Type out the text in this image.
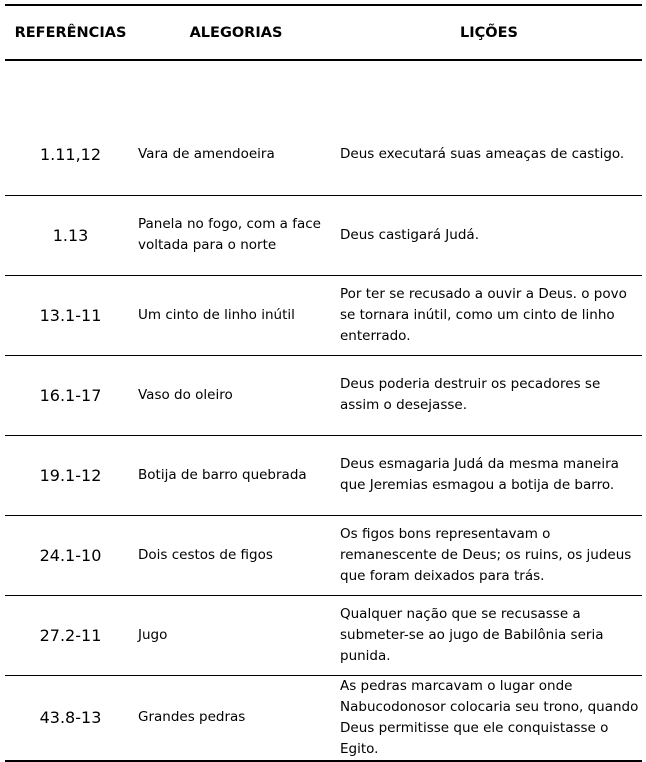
REFERÊNCIAS	ALEGORIAS	LIÇÕES

1.11,12	Vara de amendoeira	Deus executará suas ameaças de castigo.
1.13	Panela no fogo, com a face voltada para o norte	Deus castigará Judá.
13.1-11	Um cinto de linho inútil	Por ter se recusado a ouvir a Deus. o povo se tornara inútil, como um cinto de linho enterrado.
16.1-17	Vaso do oleiro	Deus poderia destruir os pecadores se assim o desejasse.
19.1-12	Botija de barro quebrada	Deus esmagaria Judá da mesma maneira que Jeremias esmagou a botija de barro.
24.1-10	Dois cestos de figos	Os figos bons representavam o remanescente de Deus; os ruins, os judeus que foram deixados para trás.
27.2-11	Jugo	Qualquer nação que se recusasse a submeter-se ao jugo de Babilônia seria punida.
43.8-13	Grandes pedras	As pedras marcavam o lugar onde Nabucodonosor colocaria seu trono, quando Deus permitisse que ele conquistasse o Egito.
